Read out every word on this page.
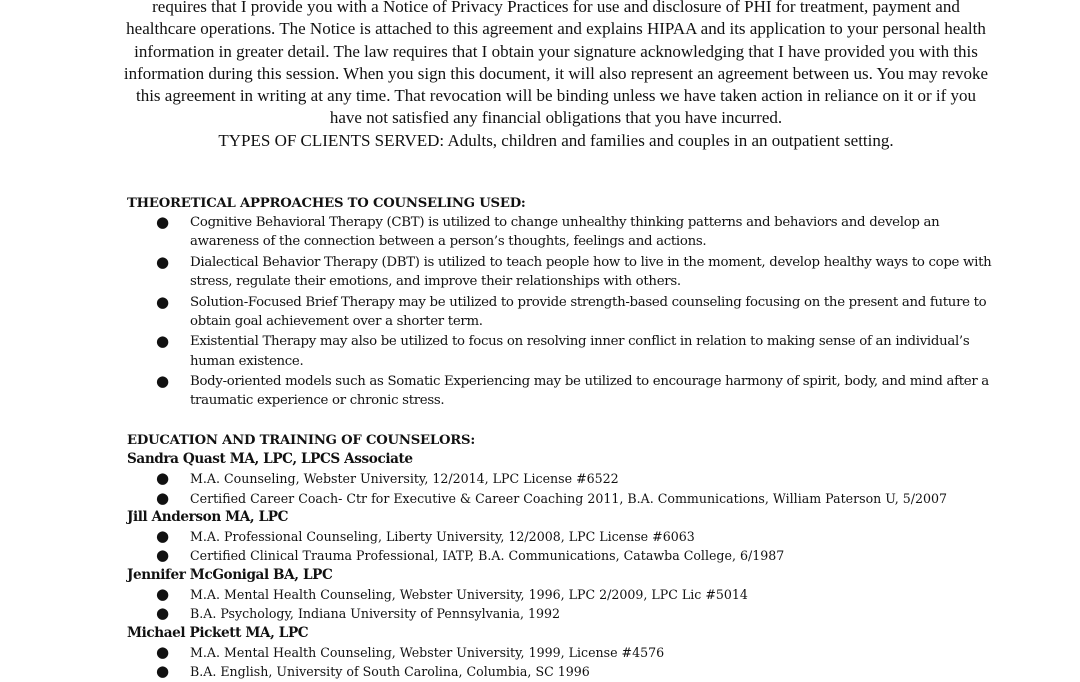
requires that I provide you with a Notice of Privacy Practices for use and disclosure of PHI for treatment, payment and healthcare operations. The Notice is attached to this agreement and explains HIPAA and its application to your personal health information in greater detail. The law requires that I obtain your signature acknowledging that I have provided you with this information during this session. When you sign this document, it will also represent an agreement between us. You may revoke this agreement in writing at any time. That revocation will be binding unless we have taken action in reliance on it or if you have not satisfied any financial obligations that you have incurred.

TYPES OF CLIENTS SERVED: Adults, children and families and couples in an outpatient setting.

THEORETICAL APPROACHES TO COUNSELING USED:

● Cognitive Behavioral Therapy (CBT) is utilized to change unhealthy thinking patterns and behaviors and develop an awareness of the connection between a person’s thoughts, feelings and actions.
● Dialectical Behavior Therapy (DBT) is utilized to teach people how to live in the moment, develop healthy ways to cope with stress, regulate their emotions, and improve their relationships with others.
● Solution-Focused Brief Therapy may be utilized to provide strength-based counseling focusing on the present and future to obtain goal achievement over a shorter term.
● Existential Therapy may also be utilized to focus on resolving inner conflict in relation to making sense of an individual’s human existence.
● Body-oriented models such as Somatic Experiencing may be utilized to encourage harmony of spirit, body, and mind after a traumatic experience or chronic stress.

EDUCATION AND TRAINING OF COUNSELORS:

Sandra Quast MA, LPC, LPCS Associate

● M.A. Counseling, Webster University, 12/2014, LPC License #6522
● Certified Career Coach- Ctr for Executive & Career Coaching 2011, B.A. Communications, William Paterson U, 5/2007

Jill Anderson MA, LPC

● M.A. Professional Counseling, Liberty University, 12/2008, LPC License #6063
● Certified Clinical Trauma Professional, IATP, B.A. Communications, Catawba College, 6/1987

Jennifer McGonigal BA, LPC

● M.A. Mental Health Counseling, Webster University, 1996, LPC 2/2009, LPC Lic #5014
● B.A. Psychology, Indiana University of Pennsylvania, 1992

Michael Pickett MA, LPC

● M.A. Mental Health Counseling, Webster University, 1999, License #4576
● B.A. English, University of South Carolina, Columbia, SC 1996
